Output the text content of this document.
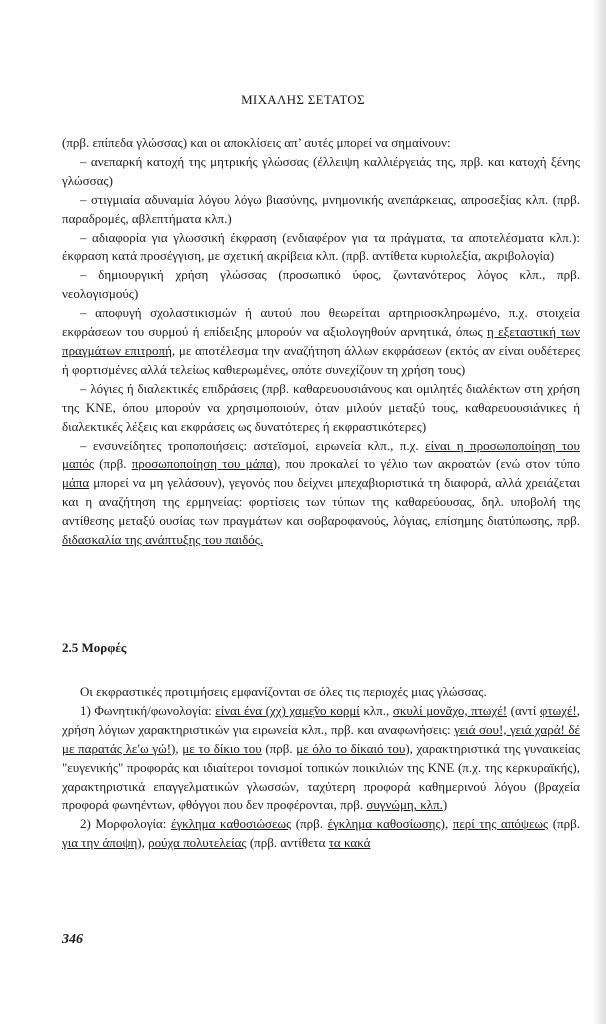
ΜΙΧΑΛΗΣ ΣΕΤΑΤΟΣ

(πρβ. επίπεδα γλώσσας) και οι αποκλίσεις απ’ αυτές μπορεί να σημαίνουν:

– ανεπαρκή κατοχή της μητρικής γλώσσας (έλλειψη καλλιέργειάς της, πρβ. και κατοχή ξένης γλώσσας)

– στιγμιαία αδυναμία λόγου λόγω βιασύνης, μνημονικής ανεπάρκειας, απροσεξίας κλπ. (πρβ. παραδρομές, αβλεπτήματα κλπ.)

– αδιαφορία για γλωσσική έκφραση (ενδιαφέρον για τα πράγματα, τα αποτελέσματα κλπ.): έκφραση κατά προσέγγιση, με σχετική ακρίβεια κλπ. (πρβ. αντίθετα κυριολεξία, ακριβολογία)

– δημιουργική χρήση γλώσσας (προσωπικό ύφος, ζωντανότερος λόγος κλπ., πρβ. νεολογισμούς)

– αποφυγή σχολαστικισμών ή αυτού που θεωρείται αρτηριοσκληρωμένο, π.χ. στοιχεία εκφράσεων του συρμού ή επίδειξης μπορούν να αξιολογηθούν αρνητικά, όπως η εξεταστική των πραγμάτων επιτροπή, με αποτέλεσμα την αναζήτηση άλλων εκφράσεων (εκτός αν είναι ουδέτερες ή φορτισμένες αλλά τελείως καθιερωμένες, οπότε συνεχίζουν τη χρήση τους)

– λόγιες ή διαλεκτικές επιδράσεις (πρβ. καθαρευουσιάνους και ομιλητές διαλέκτων στη χρήση της ΚΝΕ, όπου μπορούν να χρησιμοποιούν, όταν μιλούν μεταξύ τους, καθαρευουσιάνικες ή διαλεκτικές λέξεις και εκφράσεις ως δυνατότερες ή εκφραστικότερες)

– ενσυνείδητες τροποποιήσεις: αστεϊσμοί, ειρωνεία κλπ., π.χ. είναι η προσωποποίηση του μαπός (πρβ. προσωποποίηση του μάπα), που προκαλεί το γέλιο των ακροατών (ενώ στον τύπο μάπα μπορεί να μη γελάσουν), γεγονός που δείχνει μπεχαβιοριστικά τη διαφορά, αλλά χρειάζεται και η αναζήτηση της ερμηνείας: φορτίσεις των τύπων της καθαρεύουσας, δηλ. υποβολή της αντίθεσης μεταξύ ουσίας των πραγμάτων και σοβαροφανούς, λόγιας, επίσημης διατύπωσης, πρβ. διδασκαλία της ανάπτυξης του παιδός.

2.5 Μορφές

Οι εκφραστικές προτιμήσεις εμφανίζονται σε όλες τις περιοχές μιας γλώσσας.

1) Φωνητική/φωνολογία: είναι ένα (χχ) χαμε̃ͅνο κορμί κλπ., σκυλί μονᾶχο, πτωχέ! (αντί φτωχέ!, χρήση λόγιων χαρακτηριστικών για ειρωνεία κλπ., πρβ. και αναφωνήσεις: γειά σου!, γειά χαρά! δέ με παρατάς λεʹω γώ!), με το δίκιο του (πρβ. με όλο το δίκαιό του), χαρακτηριστικά της γυναικείας "ευγενικής" προφοράς και ιδιαίτεροι τονισμοί τοπικών ποικιλιών της ΚΝΕ (π.χ. της κερκυραϊκής), χαρακτηριστικά επαγγελματικών γλωσσών, ταχύτερη προφορά καθημερινού λόγου (βραχεία προφορά φωνηέντων, φθόγγοι που δεν προφέρονται, πρβ. συγνώμη, κλπ.)

2) Μορφολογία: έγκλημα καθοσιώσεως (πρβ. έγκλημα καθοσίωσης), περί της απόψεως (πρβ. για την άποψη), ρούχα πολυτελείας (πρβ. αντίθετα τα κακά

346
